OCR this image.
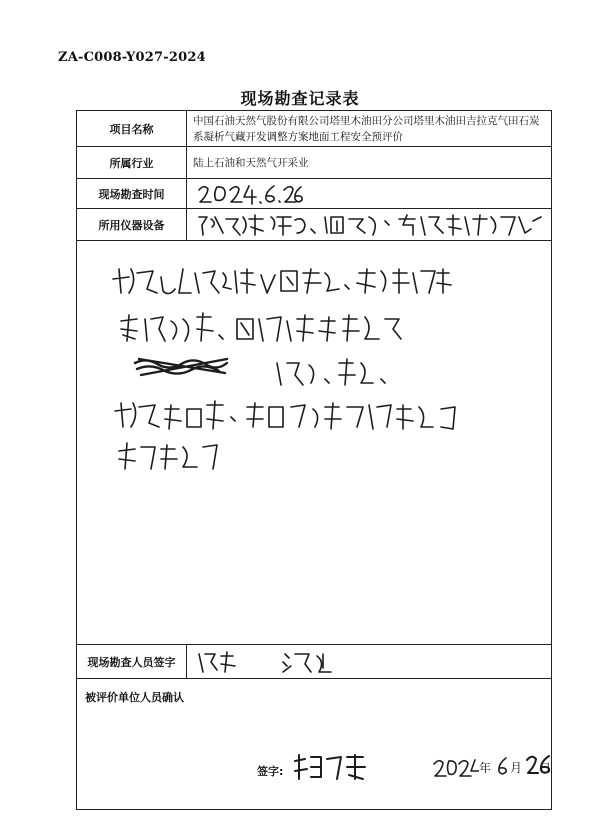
ZA-C008-Y027-2024
现场勘查记录表
项目名称
中国石油天然气股份有限公司塔里木油田分公司塔里木油田吉拉克气田石炭系凝析气藏开发调整方案地面工程安全预评价
所属行业	陆上石油和天然气开采业
现场勘查时间
所用仪器设备
现场勘查人员签字
被评价单位人员确认
签字:	年 月 日
